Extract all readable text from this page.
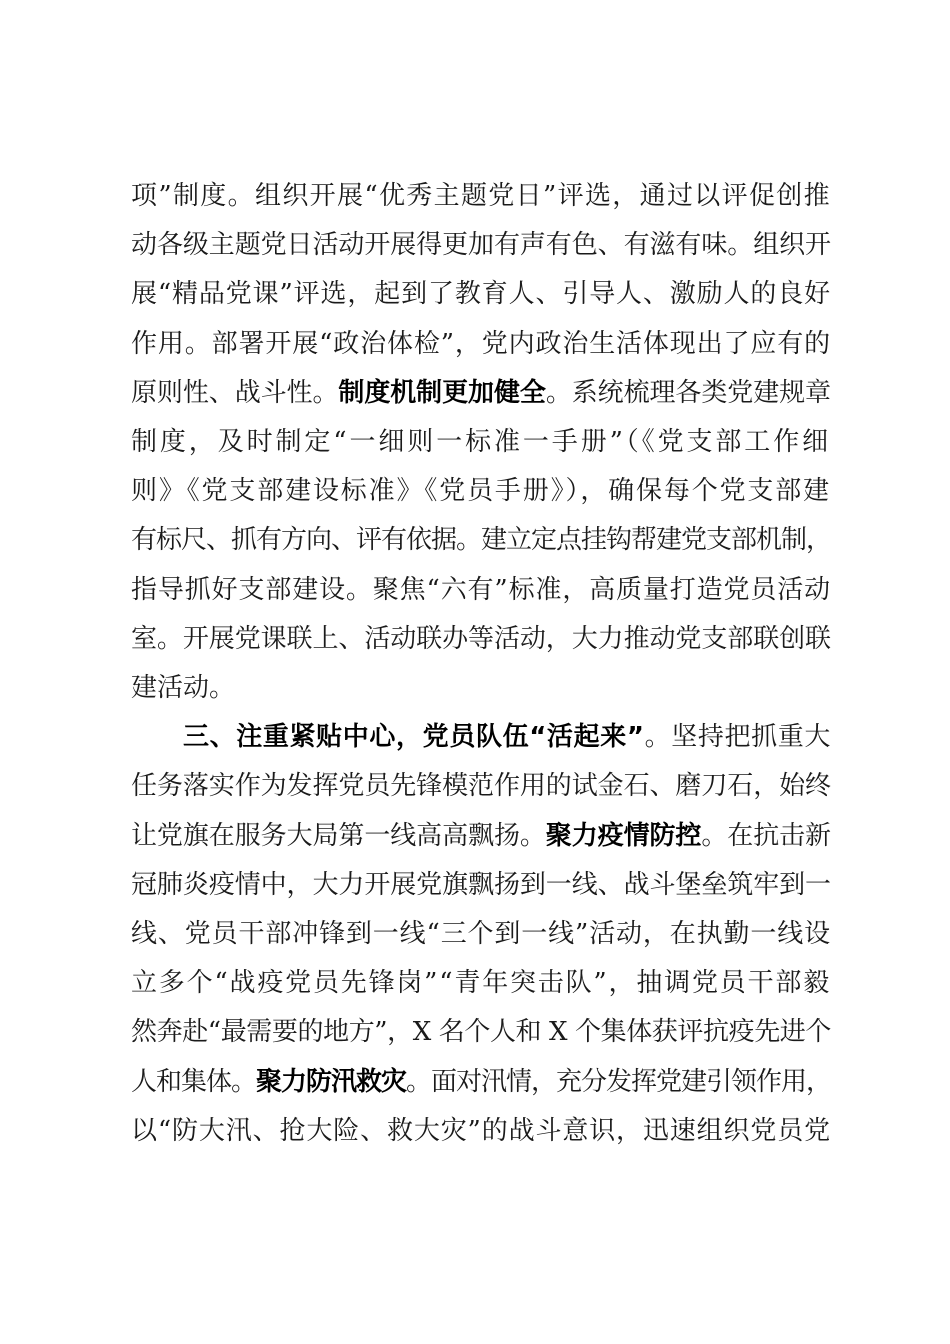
项”制度。组织开展“优秀主题党日”评选，通过以评促创推
动各级主题党日活动开展得更加有声有色、有滋有味。组织开
展“精品党课”评选，起到了教育人、引导人、激励人的良好
作用。部署开展“政治体检”，党内政治生活体现出了应有的
原则性、战斗性。制度机制更加健全。系统梳理各类党建规章
制度，及时制定“一细则一标准一手册”（《党支部工作细
则》《党支部建设标准》《党员手册》），确保每个党支部建
有标尺、抓有方向、评有依据。建立定点挂钩帮建党支部机制，
指导抓好支部建设。聚焦“六有”标准，高质量打造党员活动
室。开展党课联上、活动联办等活动，大力推动党支部联创联
建活动。
三、注重紧贴中心，党员队伍“活起来”。坚持把抓重大
任务落实作为发挥党员先锋模范作用的试金石、磨刀石，始终
让党旗在服务大局第一线高高飘扬。聚力疫情防控。在抗击新
冠肺炎疫情中，大力开展党旗飘扬到一线、战斗堡垒筑牢到一
线、党员干部冲锋到一线“三个到一线”活动，在执勤一线设
立多个“战疫党员先锋岗”“青年突击队”，抽调党员干部毅
然奔赴“最需要的地方”，X 名个人和 X 个集体获评抗疫先进个
人和集体。聚力防汛救灾。面对汛情，充分发挥党建引领作用，
以“防大汛、抢大险、救大灾”的战斗意识，迅速组织党员党
